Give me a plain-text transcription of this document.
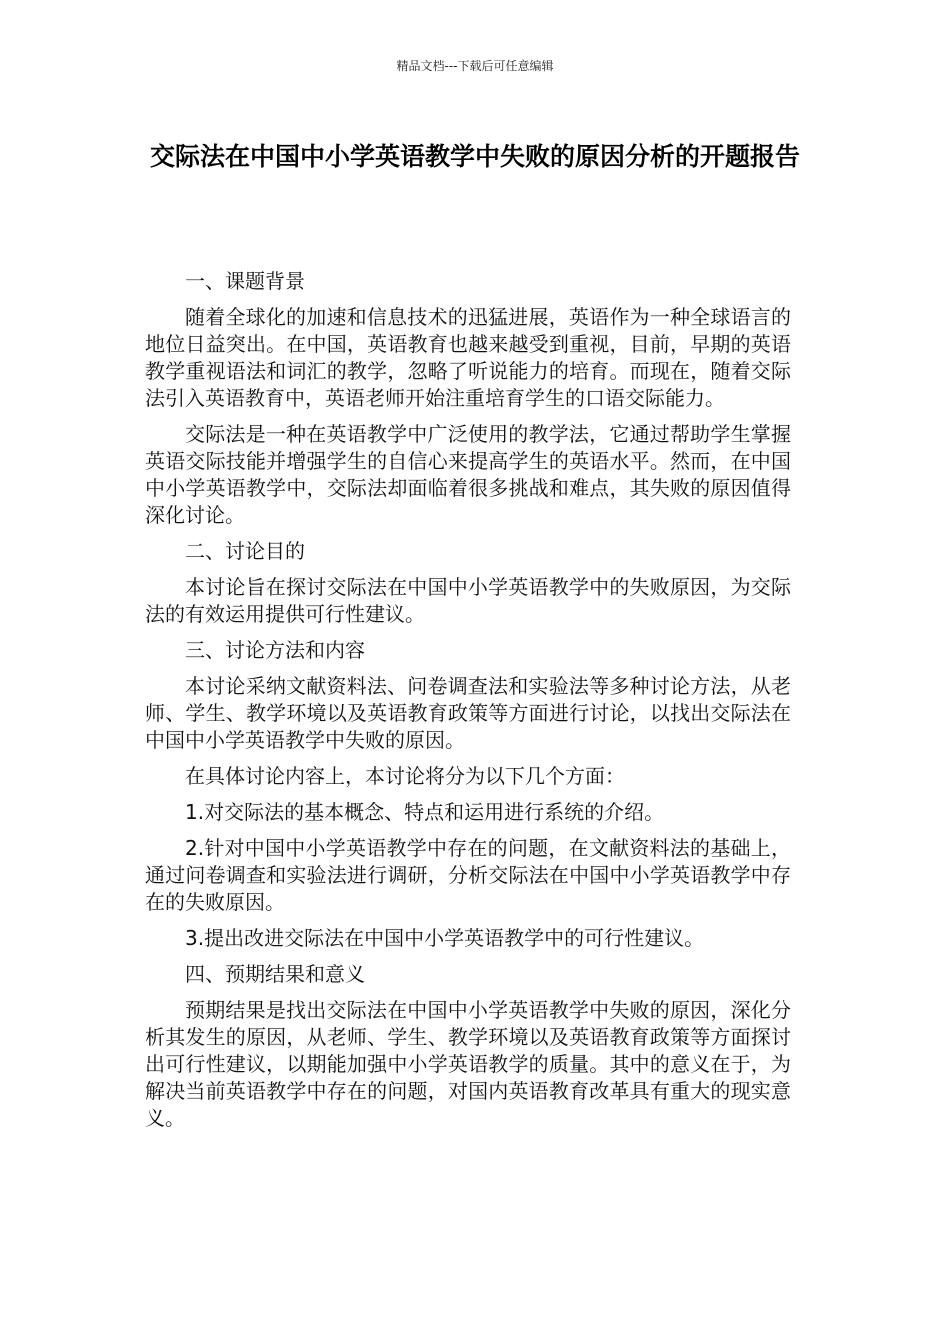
精品文档---下载后可任意编辑
交际法在中国中小学英语教学中失败的原因分析的开题报告

一、课题背景

随着全球化的加速和信息技术的迅猛进展，英语作为一种全球语言的地位日益突出。在中国，英语教育也越来越受到重视，目前，早期的英语教学重视语法和词汇的教学，忽略了听说能力的培育。而现在，随着交际法引入英语教育中，英语老师开始注重培育学生的口语交际能力。

交际法是一种在英语教学中广泛使用的教学法，它通过帮助学生掌握英语交际技能并增强学生的自信心来提高学生的英语水平。然而，在中国中小学英语教学中，交际法却面临着很多挑战和难点，其失败的原因值得深化讨论。

二、讨论目的

本讨论旨在探讨交际法在中国中小学英语教学中的失败原因，为交际法的有效运用提供可行性建议。

三、讨论方法和内容

本讨论采纳文献资料法、问卷调查法和实验法等多种讨论方法，从老师、学生、教学环境以及英语教育政策等方面进行讨论，以找出交际法在中国中小学英语教学中失败的原因。

在具体讨论内容上，本讨论将分为以下几个方面：

1.对交际法的基本概念、特点和运用进行系统的介绍。

2.针对中国中小学英语教学中存在的问题，在文献资料法的基础上，通过问卷调查和实验法进行调研，分析交际法在中国中小学英语教学中存在的失败原因。

3.提出改进交际法在中国中小学英语教学中的可行性建议。

四、预期结果和意义

预期结果是找出交际法在中国中小学英语教学中失败的原因，深化分析其发生的原因，从老师、学生、教学环境以及英语教育政策等方面探讨出可行性建议，以期能加强中小学英语教学的质量。其中的意义在于，为解决当前英语教学中存在的问题，对国内英语教育改革具有重大的现实意义。
